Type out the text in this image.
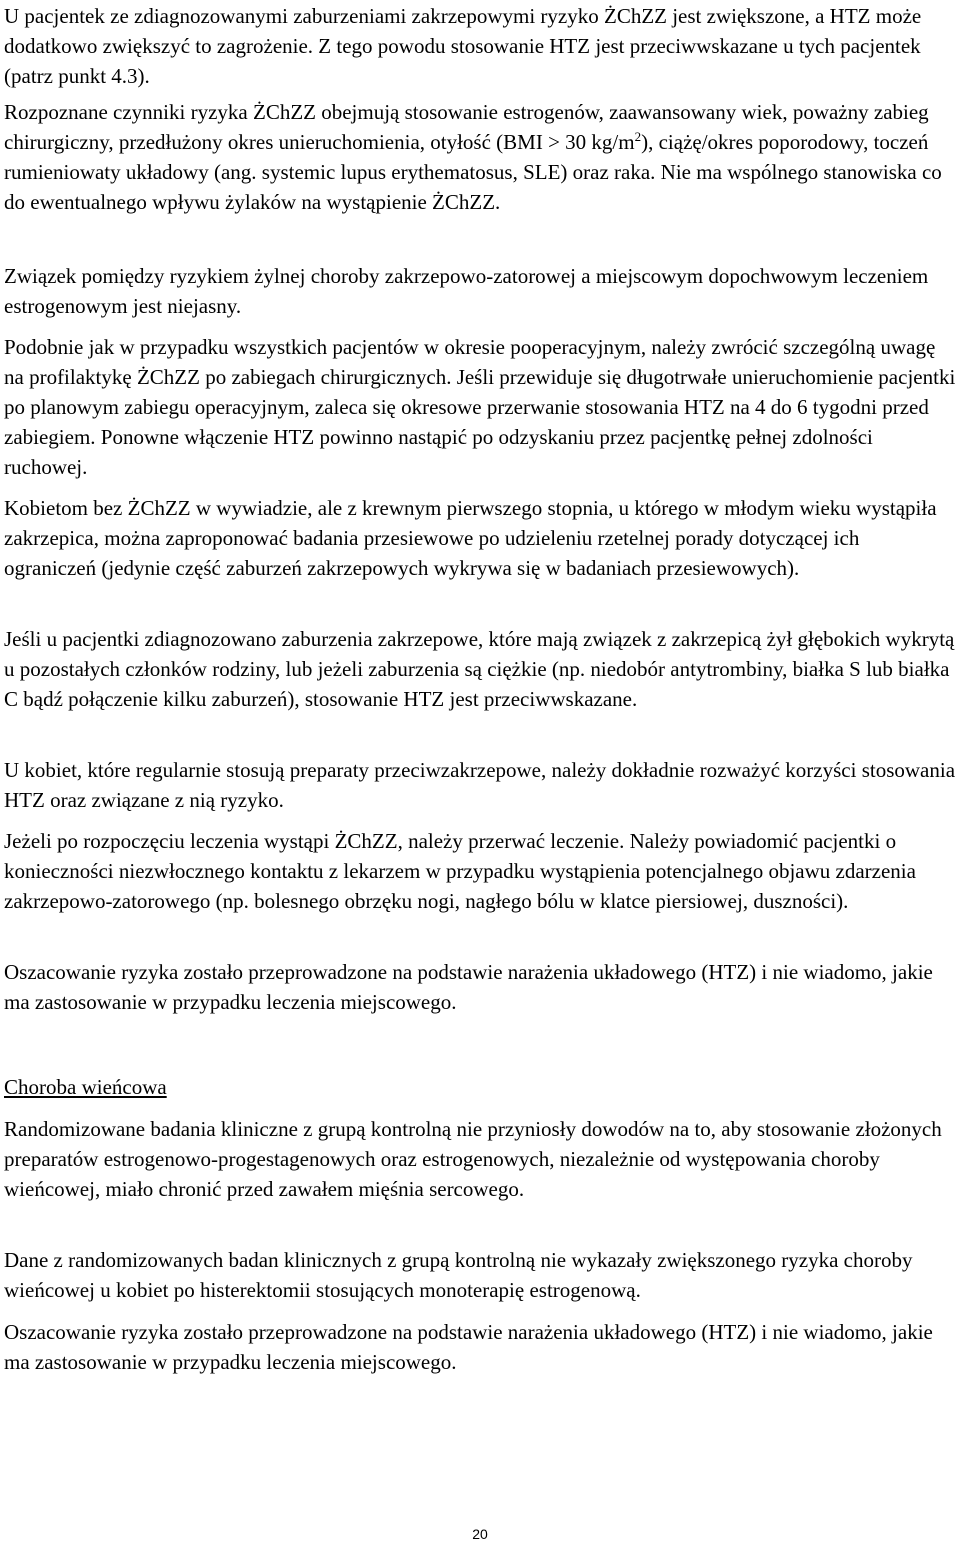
U pacjentek ze zdiagnozowanymi zaburzeniami zakrzepowymi ryzyko ŻChZZ jest zwiększone, a HTZ może dodatkowo zwiększyć to zagrożenie. Z tego powodu stosowanie HTZ jest przeciwwskazane u tych pacjentek (patrz punkt 4.3).

Rozpoznane czynniki ryzyka ŻChZZ obejmują stosowanie estrogenów, zaawansowany wiek, poważny zabieg chirurgiczny, przedłużony okres unieruchomienia, otyłość (BMI > 30 $kg/m^2$), ciążę/okres poporodowy, toczeń rumieniowaty układowy (ang. systemic lupus erythematosus, SLE) oraz raka. Nie ma wspólnego stanowiska co do ewentualnego wpływu żylaków na wystąpienie ŻChZZ.

Związek pomiędzy ryzykiem żylnej choroby zakrzepowo-zatorowej a miejscowym dopochwowym leczeniem estrogenowym jest niejasny.

Podobnie jak w przypadku wszystkich pacjentów w okresie pooperacyjnym, należy zwrócić szczególną uwagę na profilaktykę ŻChZZ po zabiegach chirurgicznych. Jeśli przewiduje się długotrwałe unieruchomienie pacjentki po planowym zabiegu operacyjnym, zaleca się okresowe przerwanie stosowania HTZ na 4 do 6 tygodni przed zabiegiem. Ponowne włączenie HTZ powinno nastąpić po odzyskaniu przez pacjentkę pełnej zdolności ruchowej.

Kobietom bez ŻChZZ w wywiadzie, ale z krewnym pierwszego stopnia, u którego w młodym wieku wystąpiła zakrzepica, można zaproponować badania przesiewowe po udzieleniu rzetelnej porady dotyczącej ich ograniczeń (jedynie część zaburzeń zakrzepowych wykrywa się w badaniach przesiewowych).

Jeśli u pacjentki zdiagnozowano zaburzenia zakrzepowe, które mają związek z zakrzepicą żył głębokich wykrytą u pozostałych członków rodziny, lub jeżeli zaburzenia są ciężkie (np. niedobór antytrombiny, białka S lub białka C bądź połączenie kilku zaburzeń), stosowanie HTZ jest przeciwwskazane.

U kobiet, które regularnie stosują preparaty przeciwzakrzepowe, należy dokładnie rozważyć korzyści stosowania HTZ oraz związane z nią ryzyko.

Jeżeli po rozpoczęciu leczenia wystąpi ŻChZZ, należy przerwać leczenie. Należy powiadomić pacjentki o konieczności niezwłocznego kontaktu z lekarzem w przypadku wystąpienia potencjalnego objawu zdarzenia zakrzepowo-zatorowego (np. bolesnego obrzęku nogi, nagłego bólu w klatce piersiowej, duszności).

Oszacowanie ryzyka zostało przeprowadzone na podstawie narażenia układowego (HTZ) i nie wiadomo, jakie ma zastosowanie w przypadku leczenia miejscowego.

Choroba wieńcowa

Randomizowane badania kliniczne z grupą kontrolną nie przyniosły dowodów na to, aby stosowanie złożonych preparatów estrogenowo-progestagenowych oraz estrogenowych, niezależnie od występowania choroby wieńcowej, miało chronić przed zawałem mięśnia sercowego.

Dane z randomizowanych badan klinicznych z grupą kontrolną nie wykazały zwiększonego ryzyka choroby wieńcowej u kobiet po histerektomii stosujących monoterapię estrogenową.

Oszacowanie ryzyka zostało przeprowadzone na podstawie narażenia układowego (HTZ) i nie wiadomo, jakie ma zastosowanie w przypadku leczenia miejscowego.

20
